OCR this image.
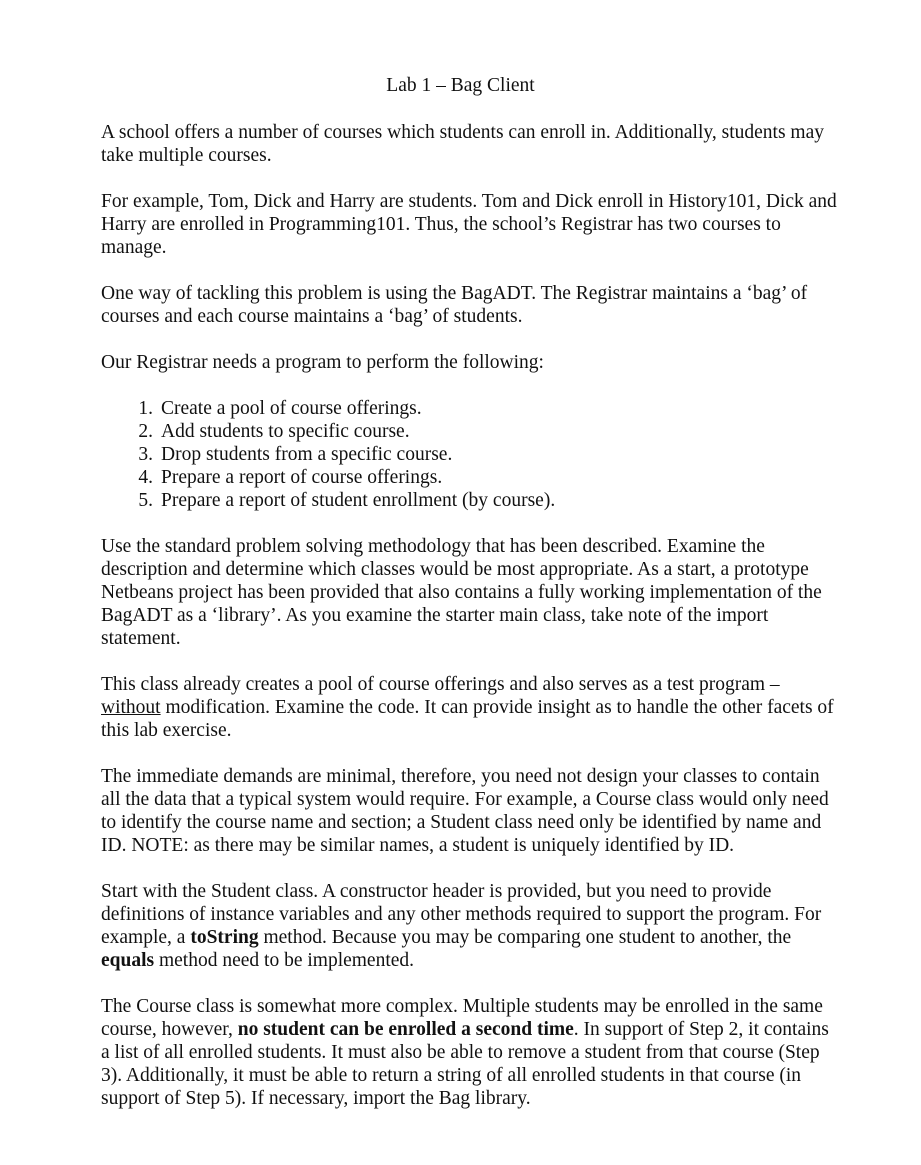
Lab 1 – Bag Client

A school offers a number of courses which students can enroll in. Additionally, students may take multiple courses.

For example, Tom, Dick and Harry are students. Tom and Dick enroll in History101, Dick and Harry are enrolled in Programming101. Thus, the school’s Registrar has two courses to manage.

One way of tackling this problem is using the BagADT. The Registrar maintains a ‘bag’ of courses and each course maintains a ‘bag’ of students.

Our Registrar needs a program to perform the following:

1. Create a pool of course offerings.
2. Add students to specific course.
3. Drop students from a specific course.
4. Prepare a report of course offerings.
5. Prepare a report of student enrollment (by course).

Use the standard problem solving methodology that has been described. Examine the description and determine which classes would be most appropriate. As a start, a prototype Netbeans project has been provided that also contains a fully working implementation of the BagADT as a ‘library’. As you examine the starter main class, take note of the import statement.

This class already creates a pool of course offerings and also serves as a test program – without modification. Examine the code. It can provide insight as to handle the other facets of this lab exercise.

The immediate demands are minimal, therefore, you need not design your classes to contain all the data that a typical system would require. For example, a Course class would only need to identify the course name and section; a Student class need only be identified by name and ID. NOTE: as there may be similar names, a student is uniquely identified by ID.

Start with the Student class. A constructor header is provided, but you need to provide definitions of instance variables and any other methods required to support the program. For example, a toString method. Because you may be comparing one student to another, the equals method need to be implemented.

The Course class is somewhat more complex. Multiple students may be enrolled in the same course, however, no student can be enrolled a second time. In support of Step 2, it contains a list of all enrolled students. It must also be able to remove a student from that course (Step 3). Additionally, it must be able to return a string of all enrolled students in that course (in support of Step 5). If necessary, import the Bag library.
